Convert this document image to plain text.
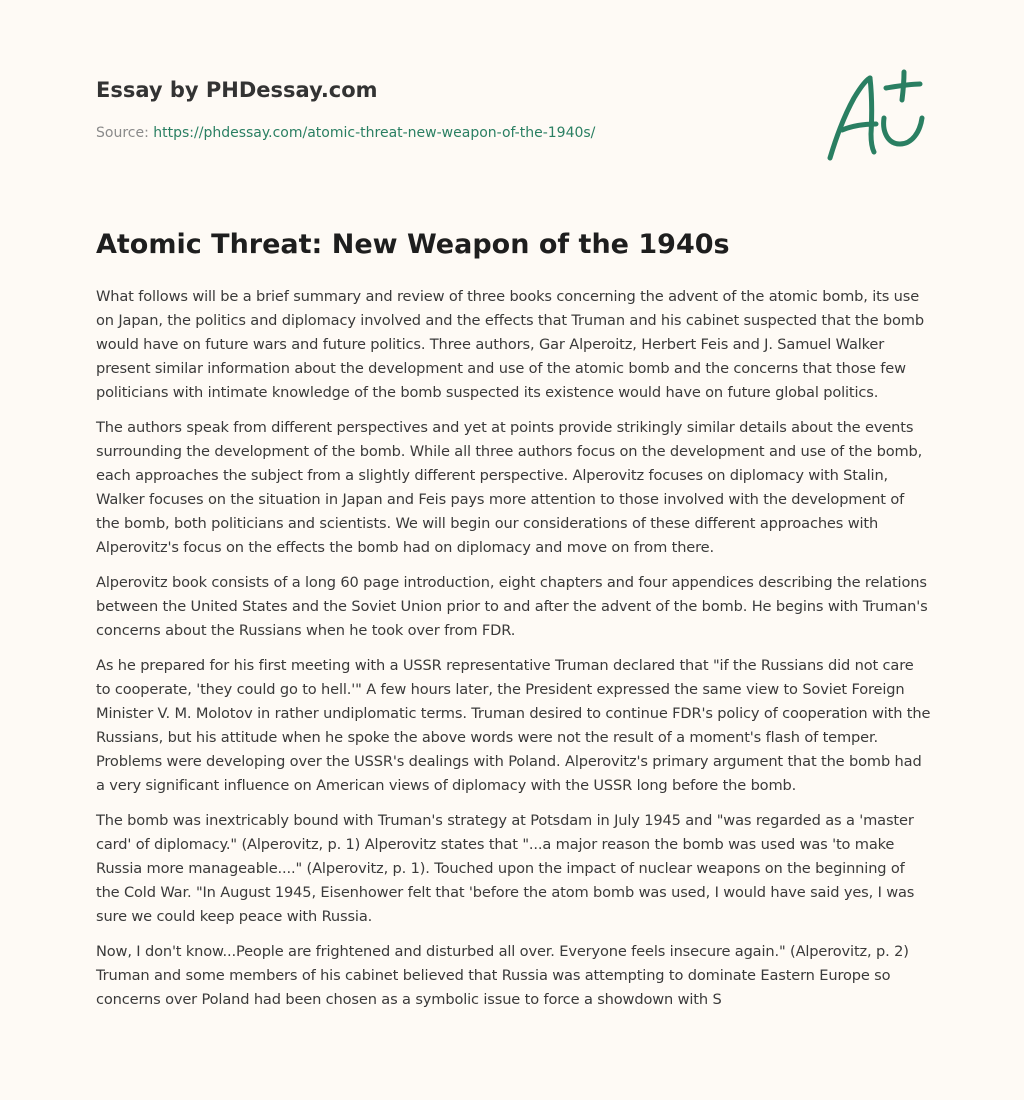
Essay by PHDessay.com
Source: https://phdessay.com/atomic-threat-new-weapon-of-the-1940s/
Atomic Threat: New Weapon of the 1940s

What follows will be a brief summary and review of three books concerning the advent of the atomic bomb, its use on Japan, the politics and diplomacy involved and the effects that Truman and his cabinet suspected that the bomb would have on future wars and future politics. Three authors, Gar Alperoitz, Herbert Feis and J. Samuel Walker present similar information about the development and use of the atomic bomb and the concerns that those few politicians with intimate knowledge of the bomb suspected its existence would have on future global politics.

The authors speak from different perspectives and yet at points provide strikingly similar details about the events surrounding the development of the bomb. While all three authors focus on the development and use of the bomb, each approaches the subject from a slightly different perspective. Alperovitz focuses on diplomacy with Stalin, Walker focuses on the situation in Japan and Feis pays more attention to those involved with the development of the bomb, both politicians and scientists. We will begin our considerations of these different approaches with Alperovitz's focus on the effects the bomb had on diplomacy and move on from there.

Alperovitz book consists of a long 60 page introduction, eight chapters and four appendices describing the relations between the United States and the Soviet Union prior to and after the advent of the bomb. He begins with Truman's concerns about the Russians when he took over from FDR.

As he prepared for his first meeting with a USSR representative Truman declared that "if the Russians did not care to cooperate, 'they could go to hell.'" A few hours later, the President expressed the same view to Soviet Foreign Minister V. M. Molotov in rather undiplomatic terms. Truman desired to continue FDR's policy of cooperation with the Russians, but his attitude when he spoke the above words were not the result of a moment's flash of temper. Problems were developing over the USSR's dealings with Poland. Alperovitz's primary argument that the bomb had a very significant influence on American views of diplomacy with the USSR long before the bomb.

The bomb was inextricably bound with Truman's strategy at Potsdam in July 1945 and "was regarded as a 'master card' of diplomacy." (Alperovitz, p. 1) Alperovitz states that "...a major reason the bomb was used was 'to make Russia more manageable...." (Alperovitz, p. 1). Touched upon the impact of nuclear weapons on the beginning of the Cold War. "In August 1945, Eisenhower felt that 'before the atom bomb was used, I would have said yes, I was sure we could keep peace with Russia.

Now, I don't know...People are frightened and disturbed all over. Everyone feels insecure again." (Alperovitz, p. 2) Truman and some members of his cabinet believed that Russia was attempting to dominate Eastern Europe so concerns over Poland had been chosen as a symbolic issue to force a showdown with S
